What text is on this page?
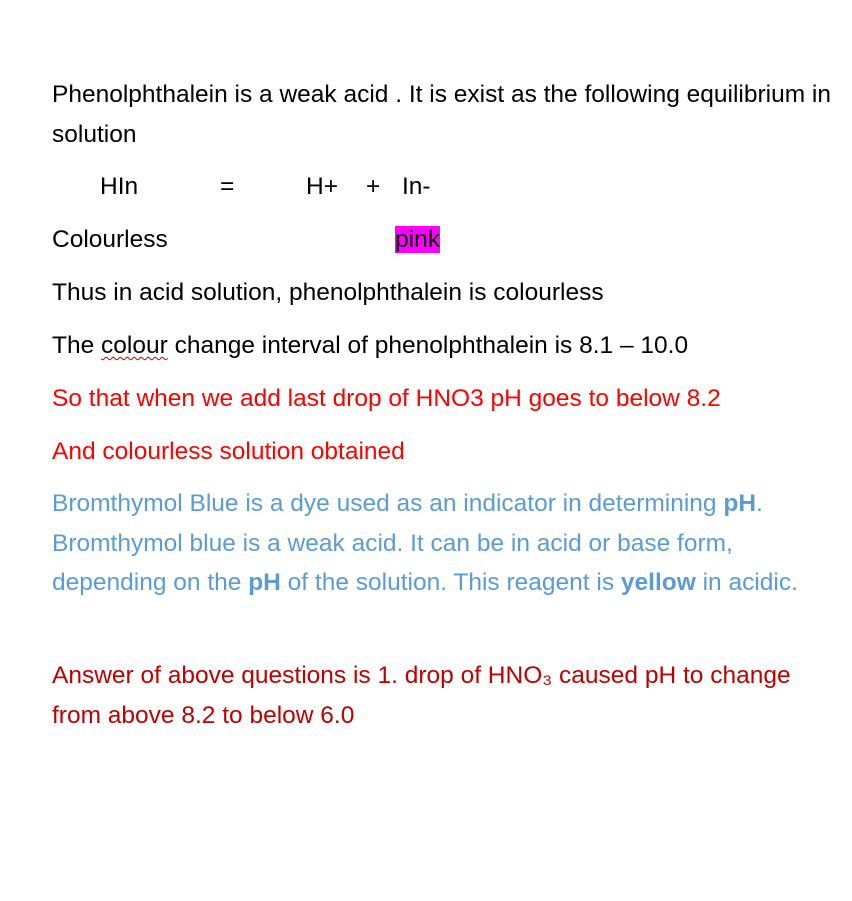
Phenolphthalein is a weak acid . It is exist as the following equilibrium in solution
HIn	=	H+ + In-
Colourless	pink
Thus in acid solution, phenolphthalein is colourless
The colour change interval of phenolphthalein is 8.1 – 10.0
So that when we add last drop of HNO3 pH goes to below 8.2
And colourless solution obtained
Bromthymol Blue is a dye used as an indicator in determining pH. Bromthymol blue is a weak acid. It can be in acid or base form, depending on the pH of the solution. This reagent is yellow in acidic.
Answer of above questions is 1. drop of HNO₃ caused pH to change from above 8.2 to below 6.0
